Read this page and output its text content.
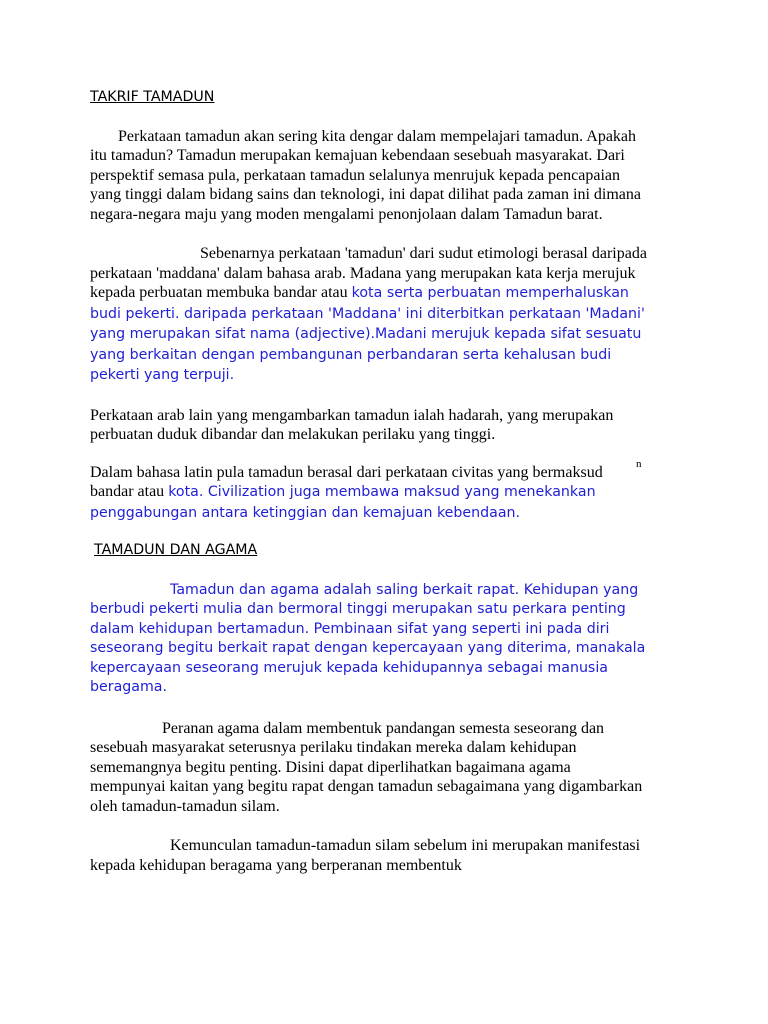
TAKRIF TAMADUN

Perkataan tamadun akan sering kita dengar dalam mempelajari tamadun. Apakah itu tamadun? Tamadun merupakan kemajuan kebendaan sesebuah masyarakat. Dari perspektif semasa pula, perkataan tamadun selalunya menrujuk kepada pencapaian yang tinggi dalam bidang sains dan teknologi, ini dapat dilihat pada zaman ini dimana negara-negara maju yang moden mengalami penonjolaan dalam Tamadun barat.

Sebenarnya perkataan 'tamadun' dari sudut etimologi berasal daripada perkataan 'maddana' dalam bahasa arab. Madana yang merupakan kata kerja merujuk kepada perbuatan membuka bandar atau kota serta perbuatan memperhaluskan budi pekerti. daripada perkataan 'Maddana' ini diterbitkan perkataan 'Madani' yang merupakan sifat nama (adjective).Madani merujuk kepada sifat sesuatu yang berkaitan dengan pembangunan perbandaran serta kehalusan budi pekerti yang terpuji.

Perkataan arab lain yang mengambarkan tamadun ialah hadarah, yang merupakan perbuatan duduk dibandar dan melakukan perilaku yang tinggi.

n
Dalam bahasa latin pula tamadun berasal dari perkataan civitas yang bermaksud bandar atau kota. Civilization juga membawa maksud yang menekankan penggabungan antara ketinggian dan kemajuan kebendaan.

TAMADUN DAN AGAMA

Tamadun dan agama adalah saling berkait rapat. Kehidupan yang berbudi pekerti mulia dan bermoral tinggi merupakan satu perkara penting dalam kehidupan bertamadun. Pembinaan sifat yang seperti ini pada diri seseorang begitu berkait rapat dengan kepercayaan yang diterima, manakala kepercayaan seseorang merujuk kepada kehidupannya sebagai manusia beragama.

Peranan agama dalam membentuk pandangan semesta seseorang dan sesebuah masyarakat seterusnya perilaku tindakan mereka dalam kehidupan sememangnya begitu penting. Disini dapat diperlihatkan bagaimana agama mempunyai kaitan yang begitu rapat dengan tamadun sebagaimana yang digambarkan oleh tamadun-tamadun silam.

Kemunculan tamadun-tamadun silam sebelum ini merupakan manifestasi kepada kehidupan beragama yang berperanan membentuk
